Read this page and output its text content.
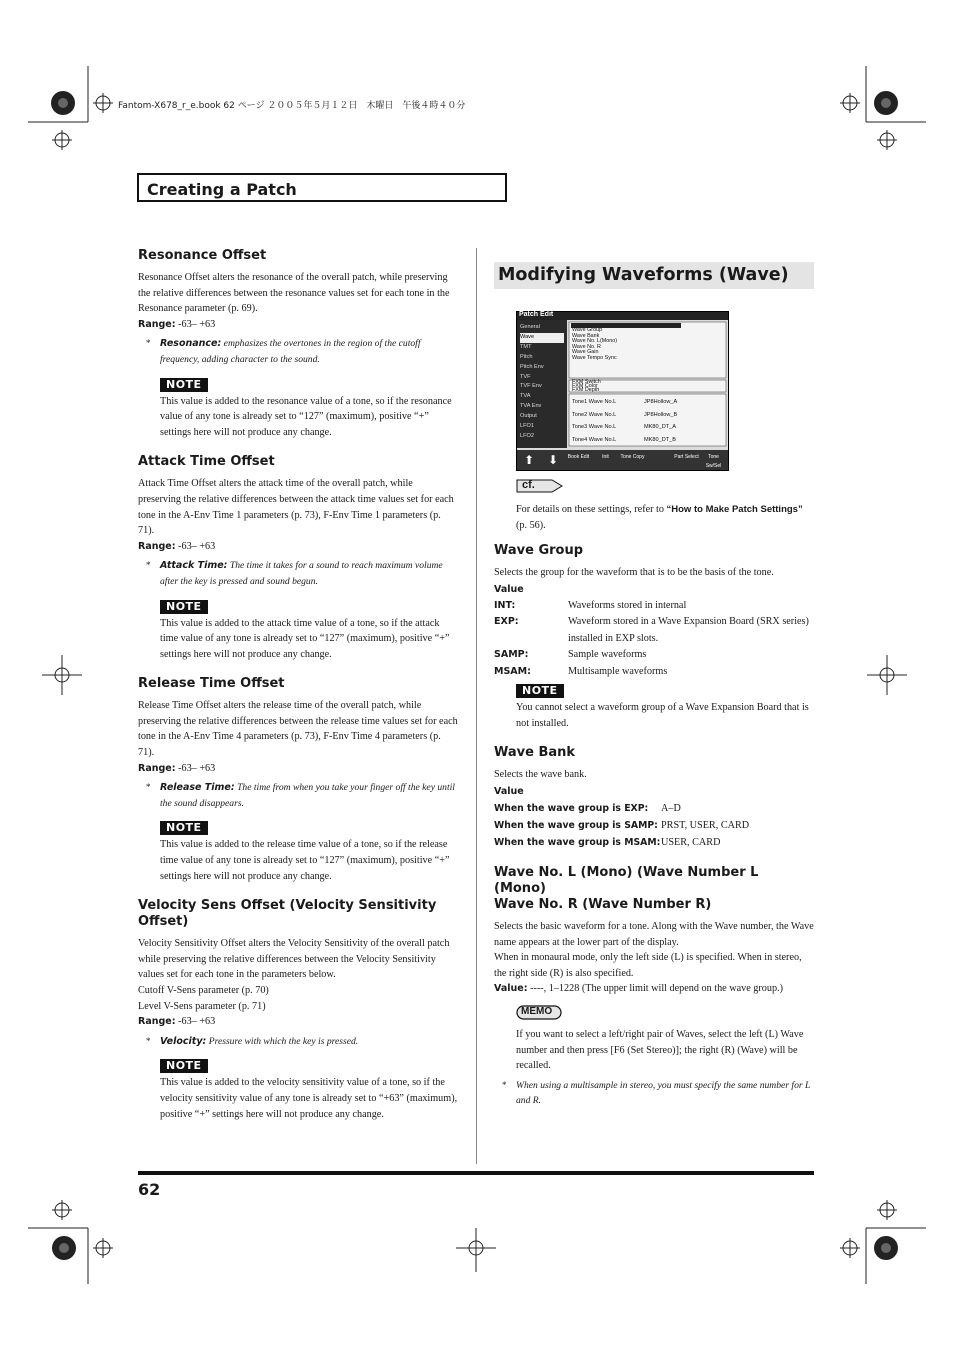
Fantom-X678_r_e.book 62 ページ ２００５年５月１２日　木曜日　午後４時４０分
Creating a Patch
Resonance Offset

Resonance Offset alters the resonance of the overall patch, while preserving the relative differences between the resonance values set for each tone in the Resonance parameter (p. 69).

Range: -63– +63
* Resonance: emphasizes the overtones in the region of the cutoff frequency, adding character to the sound.
NOTE
This value is added to the resonance value of a tone, so if the resonance value of any tone is already set to “127” (maximum), positive “+” settings here will not produce any change.
Attack Time Offset

Attack Time Offset alters the attack time of the overall patch, while preserving the relative differences between the attack time values set for each tone in the A-Env Time 1 parameters (p. 73), F-Env Time 1 parameters (p. 71).

Range: -63– +63
* Attack Time: The time it takes for a sound to reach maximum volume after the key is pressed and sound begun.
NOTE
This value is added to the attack time value of a tone, so if the attack time value of any tone is already set to “127” (maximum), positive “+” settings here will not produce any change.
Release Time Offset

Release Time Offset alters the release time of the overall patch, while preserving the relative differences between the release time values set for each tone in the A-Env Time 4 parameters (p. 73), F-Env Time 4 parameters (p. 71).

Range: -63– +63
* Release Time: The time from when you take your finger off the key until the sound disappears.
NOTE
This value is added to the release time value of a tone, so if the release time value of any tone is already set to “127” (maximum), positive “+” settings here will not produce any change.
Velocity Sens Offset (Velocity Sensitivity Offset)

Velocity Sensitivity Offset alters the Velocity Sensitivity of the overall patch while preserving the relative differences between the Velocity Sensitivity values set for each tone in the parameters below.

Cutoff V-Sens parameter (p. 70)

Level V-Sens parameter (p. 71)

Range: -63– +63
* Velocity: Pressure with which the key is pressed.
NOTE
This value is added to the velocity sensitivity value of a tone, so if the velocity sensitivity value of any tone is already set to “+63” (maximum), positive “+” settings here will not produce any change.
Modifying Waveforms (Wave)
Patch Edit
General
Wave
TMT
Pitch
Pitch Env
TVF
TVF Env
TVA
TVA Env
Output
LFO1
LFO2
Wave Group
Wave Bank
Wave No. L(Mono)
Wave No. R
Wave Gain
Wave Tempo Sync
FXM Switch
FXM Color
FXM Depth
Tone1 Wave No.L	JP8Hollow_A
Tone2 Wave No.L	JP8Hollow_B
Tone3 Wave No.L	MK80_DT_A
Tone4 Wave No.L	MK80_DT_B
⬆	⬇	Book Edit	Init	Tone Copy	Part Select	Tone Sw/Sel
cf.

For details on these settings, refer to “How to Make Patch Settings” (p. 56).

Wave Group

Selects the group for the waveform that is to be the basis of the tone.

Value
INT:	Waveforms stored in internal
EXP:	Waveform stored in a Wave Expansion Board (SRX series) installed in EXP slots.
SAMP:	Sample waveforms
MSAM:	Multisample waveforms
NOTE
You cannot select a waveform group of a Wave Expansion Board that is not installed.
Wave Bank

Selects the wave bank.

Value
When the wave group is EXP:	A–D
When the wave group is SAMP: PRST, USER, CARD
When the wave group is MSAM: USER, CARD
Wave No. L (Mono) (Wave Number L (Mono)
Wave No. R (Wave Number R)

Selects the basic waveform for a tone. Along with the Wave number, the Wave name appears at the lower part of the display.

When in monaural mode, only the left side (L) is specified. When in stereo, the right side (R) is also specified.

Value: ----, 1–1228 (The upper limit will depend on the wave group.)
MEMO
If you want to select a left/right pair of Waves, select the left (L) Wave number and then press [F6 (Set Stereo)]; the right (R) (Wave) will be recalled.
* When using a multisample in stereo, you must specify the same number for L and R.
62
